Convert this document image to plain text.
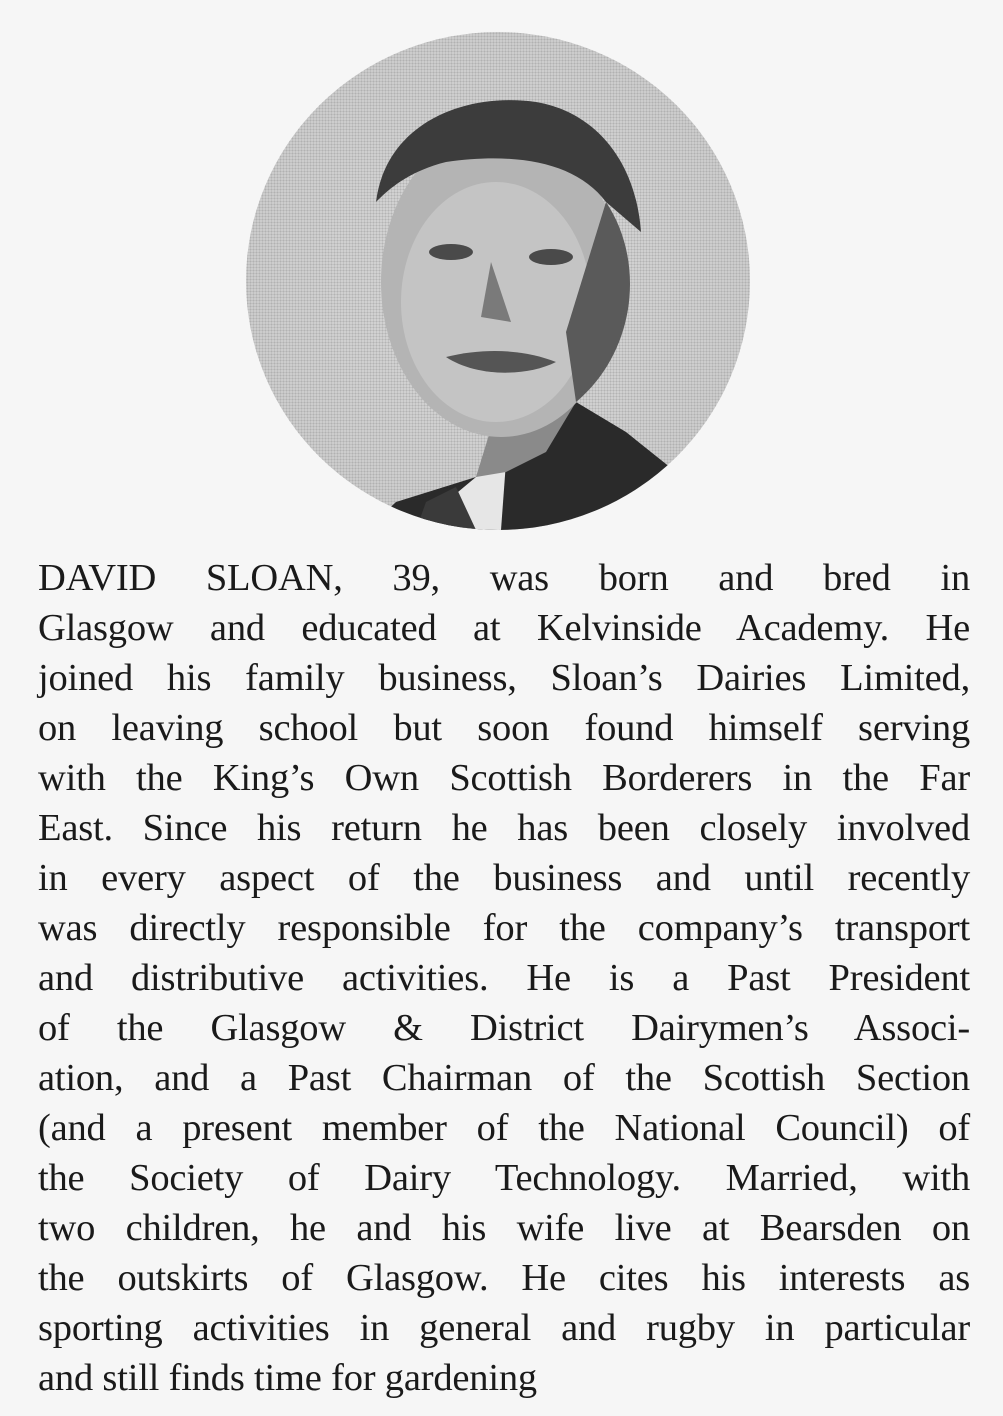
DAVID SLOAN, 39, was born and bred in
Glasgow and educated at Kelvinside Academy. He
joined his family business, Sloan’s Dairies Limited,
on leaving school but soon found himself serving
with the King’s Own Scottish Borderers in the Far
East. Since his return he has been closely involved
in every aspect of the business and until recently
was directly responsible for the company’s transport
and distributive activities. He is a Past President
of the Glasgow & District Dairymen’s Associ-
ation, and a Past Chairman of the Scottish Section
(and a present member of the National Council) of
the Society of Dairy Technology. Married, with
two children, he and his wife live at Bearsden on
the outskirts of Glasgow. He cites his interests as
sporting activities in general and rugby in particular
and still finds time for gardening
